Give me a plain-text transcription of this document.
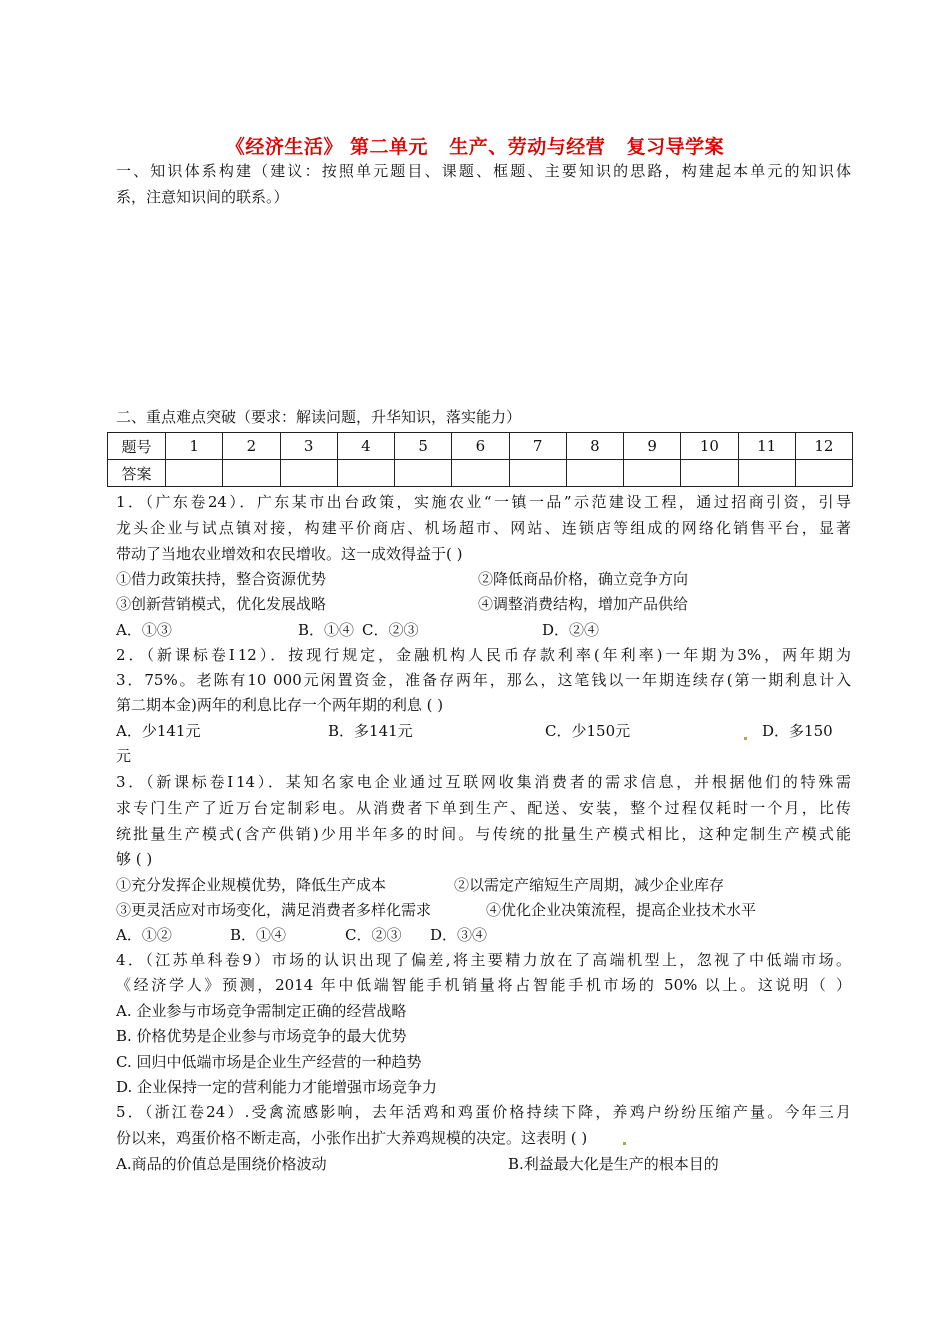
《经济生活》 第二单元   生产、劳动与经营   复习导学案
一、知识体系构建（建议：按照单元题目、课题、框题、主要知识的思路，构建起本单元的知识体
系，注意知识间的联系。）
二、重点难点突破（要求：解读问题，升华知识，落实能力）
题号	1	2	3	4	5	6	7	8	9	10	11	12
答案												
1．（广东卷24）．广东某市出台政策，实施农业“一镇一品”示范建设工程，通过招商引资，引导
龙头企业与试点镇对接，构建平价商店、机场超市、网站、连锁店等组成的网络化销售平台，显著
带动了当地农业增效和农民增收。这一成效得益于( )
①借力政策扶持，整合资源优势	②降低商品价格，确立竞争方向
③创新营销模式，优化发展战略	④调整消费结构，增加产品供给
A．①③	B．①④ C．②③	D．②④
2．（新课标卷Ⅰ12）．按现行规定，金融机构人民币存款利率(年利率)一年期为3%，两年期为
3．75%。老陈有10 000元闲置资金，准备存两年，那么，这笔钱以一年期连续存(第一期利息计入
第二期本金)两年的利息比存一个两年期的利息 ( )
A．少141元	B．多141元	C．少150元	D．多150
元
3．（新课标卷Ⅰ14）．某知名家电企业通过互联网收集消费者的需求信息，并根据他们的特殊需
求专门生产了近万台定制彩电。从消费者下单到生产、配送、安装，整个过程仅耗时一个月，比传
统批量生产模式(含产供销)少用半年多的时间。与传统的批量生产模式相比，这种定制生产模式能
够 ( )
①充分发挥企业规模优势，降低生产成本	②以需定产缩短生产周期，减少企业库存
③更灵活应对市场变化，满足消费者多样化需求	④优化企业决策流程，提高企业技术水平
A．①②	B．①④	C．②③ D．③④
4．（江苏单科卷9）市场的认识出现了偏差,将主要精力放在了高端机型上，忽视了中低端市场。
《经济学人》预测，2014 年中低端智能手机销量将占智能手机市场的 50% 以上。这说明（ ）
A. 企业参与市场竞争需制定正确的经营战略
B. 价格优势是企业参与市场竞争的最大优势
C. 回归中低端市场是企业生产经营的一种趋势
D. 企业保持一定的营利能力才能增强市场竞争力
5．（浙江卷24）.受禽流感影响，去年活鸡和鸡蛋价格持续下降，养鸡户纷纷压缩产量。今年三月
份以来，鸡蛋价格不断走高，小张作出扩大养鸡规模的决定。这表明 ( )
A.商品的价值总是围绕价格波动	B.利益最大化是生产的根本目的
